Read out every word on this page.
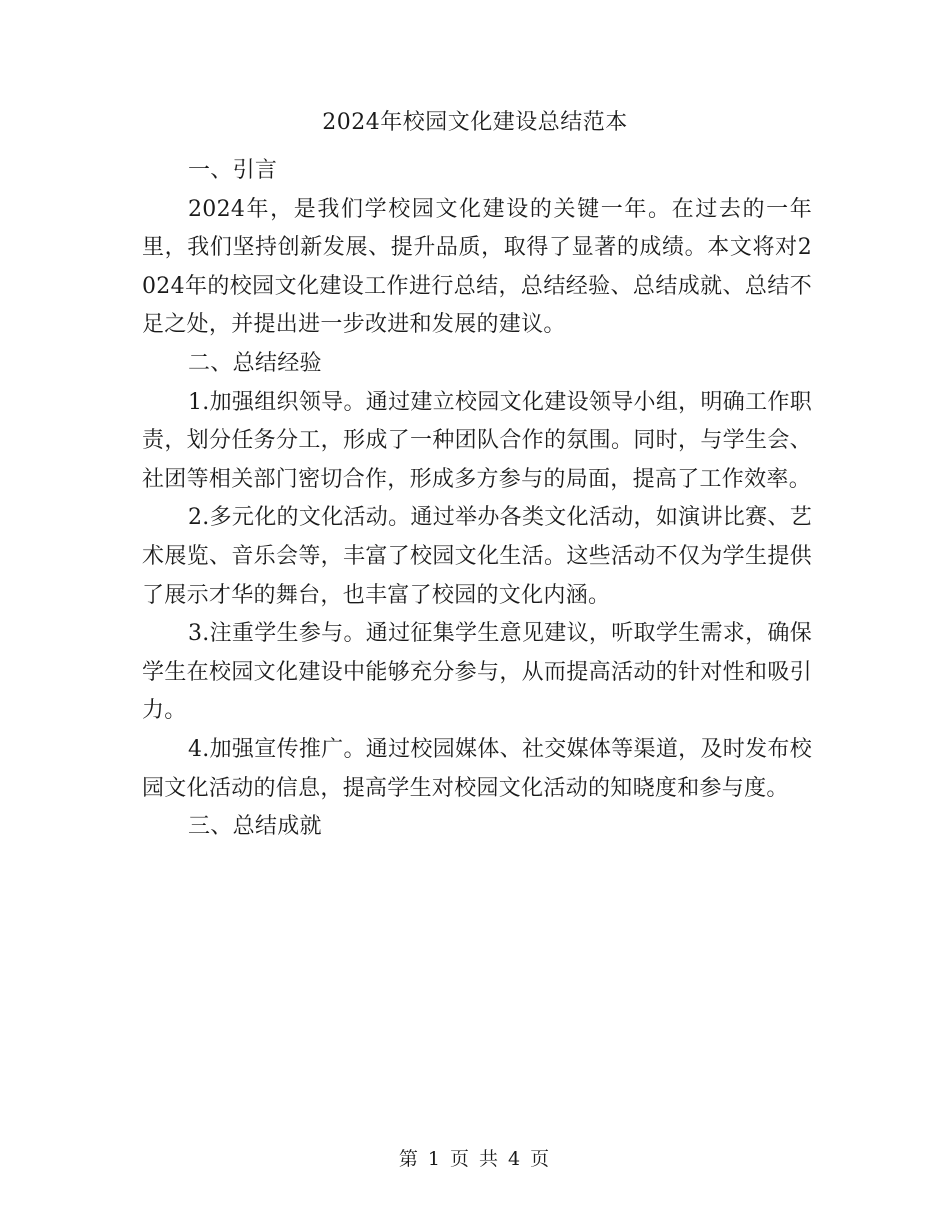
2024年校园文化建设总结范本

一、引言

2024年，是我们学校园文化建设的关键一年。在过去的一年里，我们坚持创新发展、提升品质，取得了显著的成绩。本文将对2024年的校园文化建设工作进行总结，总结经验、总结成就、总结不足之处，并提出进一步改进和发展的建议。

二、总结经验

1.加强组织领导。通过建立校园文化建设领导小组，明确工作职责，划分任务分工，形成了一种团队合作的氛围。同时，与学生会、社团等相关部门密切合作，形成多方参与的局面，提高了工作效率。

2.多元化的文化活动。通过举办各类文化活动，如演讲比赛、艺术展览、音乐会等，丰富了校园文化生活。这些活动不仅为学生提供了展示才华的舞台，也丰富了校园的文化内涵。

3.注重学生参与。通过征集学生意见建议，听取学生需求，确保学生在校园文化建设中能够充分参与，从而提高活动的针对性和吸引力。

4.加强宣传推广。通过校园媒体、社交媒体等渠道，及时发布校园文化活动的信息，提高学生对校园文化活动的知晓度和参与度。

三、总结成就

第 1 页 共 4 页
